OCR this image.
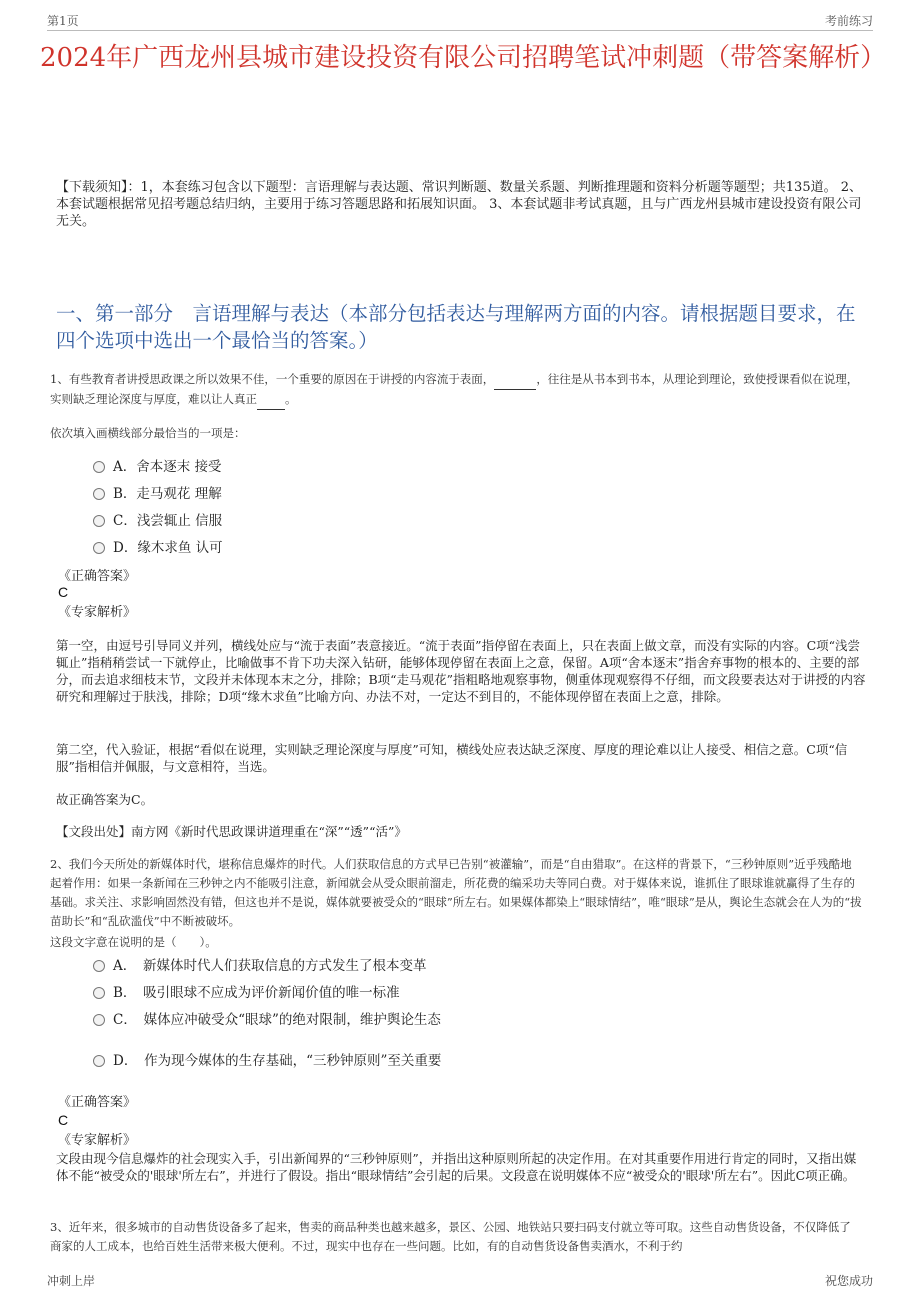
第1页	考前练习
2024年广西龙州县城市建设投资有限公司招聘笔试冲刺题（带答案解析）
【下载须知】：1，本套练习包含以下题型：言语理解与表达题、常识判断题、数量关系题、判断推理题和资料分析题等题型；共135道。 2、本套试题根据常见招考题总结归纳，主要用于练习答题思路和拓展知识面。 3、本套试题非考试真题，且与广西龙州县城市建设投资有限公司无关。
一、第一部分　言语理解与表达（本部分包括表达与理解两方面的内容。请根据题目要求，在四个选项中选出一个最恰当的答案。）
1、有些教育者讲授思政课之所以效果不佳，一个重要的原因在于讲授的内容流于表面，	，往往是从书本到书本，从理论到理论，致使授课看似在说理，实则缺乏理论深度与厚度，难以让人真正 。
依次填入画横线部分最恰当的一项是：
A．舍本逐末 接受
B．走马观花 理解
C．浅尝辄止 信服
D．缘木求鱼 认可
《正确答案》
C
《专家解析》
第一空，由逗号引导同义并列，横线处应与“流于表面”表意接近。“流于表面”指停留在表面上，只在表面上做文章，而没有实际的内容。C项“浅尝辄止”指稍稍尝试一下就停止，比喻做事不肯下功夫深入钻研，能够体现停留在表面上之意，保留。A项“舍本逐末”指舍弃事物的根本的、主要的部分，而去追求细枝末节，文段并未体现本末之分，排除；B项“走马观花”指粗略地观察事物，侧重体现观察得不仔细，而文段要表达对于讲授的内容研究和理解过于肤浅，排除；D项“缘木求鱼”比喻方向、办法不对，一定达不到目的，不能体现停留在表面上之意，排除。
第二空，代入验证，根据“看似在说理，实则缺乏理论深度与厚度”可知，横线处应表达缺乏深度、厚度的理论难以让人接受、相信之意。C项“信服”指相信并佩服，与文意相符，当选。
故正确答案为C。
【文段出处】南方网《新时代思政课讲道理重在“深”“透”“活”》
2、我们今天所处的新媒体时代，堪称信息爆炸的时代。人们获取信息的方式早已告别“被灌输”，而是“自由猎取”。在这样的背景下，“三秒钟原则”近乎残酷地起着作用：如果一条新闻在三秒钟之内不能吸引注意，新闻就会从受众眼前溜走，所花费的编采功夫等同白费。对于媒体来说，谁抓住了眼球谁就赢得了生存的基础。求关注、求影响固然没有错，但这也并不是说，媒体就要被受众的“眼球”所左右。如果媒体都染上“眼球情结”，唯“眼球”是从，舆论生态就会在人为的“拔苗助长”和“乱砍滥伐”中不断被破坏。
这段文字意在说明的是（　　）。
A．　新媒体时代人们获取信息的方式发生了根本变革
B．　吸引眼球不应成为评价新闻价值的唯一标准
C．　媒体应冲破受众“眼球”的绝对限制，维护舆论生态
D．　作为现今媒体的生存基础，“三秒钟原则”至关重要
《正确答案》
C
《专家解析》
文段由现今信息爆炸的社会现实入手，引出新闻界的“三秒钟原则”，并指出这种原则所起的决定作用。在对其重要作用进行肯定的同时，又指出媒体不能“被受众的'眼球'所左右”，并进行了假设。指出“眼球情结”会引起的后果。文段意在说明媒体不应“被受众的'眼球'所左右”。因此C项正确。
3、近年来，很多城市的自动售货设备多了起来，售卖的商品种类也越来越多，景区、公园、地铁站只要扫码支付就立等可取。这些自动售货设备，不仅降低了商家的人工成本，也给百姓生活带来极大便利。不过，现实中也存在一些问题。比如，有的自动售货设备售卖酒水，不利于约
冲刺上岸	祝您成功
